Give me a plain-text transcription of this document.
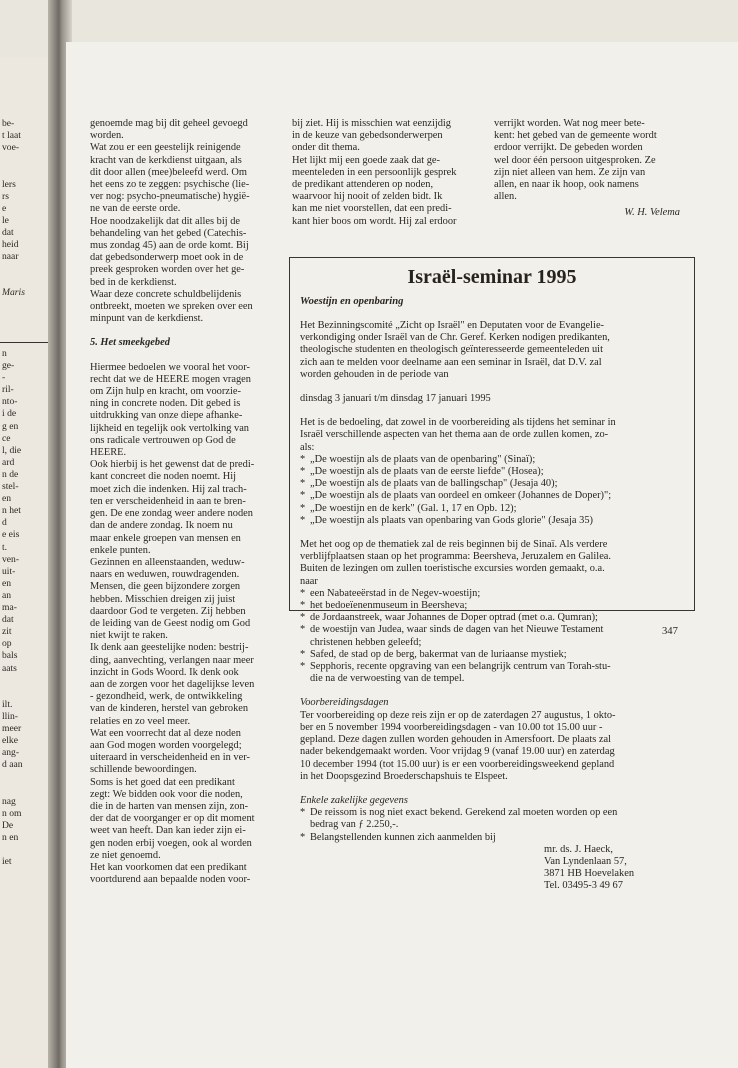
be-
t laat
voe-
lers
rs
e
le
dat
heid
naar
Maris
n
ge-
-
ril-
nto-
i de
g en
ce
l, die
ard
n de
stel-
en
n het
d
e eis
t.
ven-
uit-
en
an
ma-
dat
zit
op
bals
aats
ilt.
llin-
meer
elke
ang-
d aan
nag
n om
De
n en
iet

genoemde mag bij dit geheel gevoegd

worden.

Wat zou er een geestelijk reinigende

kracht van de kerkdienst uitgaan, als

dit door allen (mee)beleefd werd. Om

het eens zo te zeggen: psychische (lie-

ver nog: psycho-pneumatische) hygië-

ne van de eerste orde.

Hoe noodzakelijk dat dit alles bij de

behandeling van het gebed (Catechis-

mus zondag 45) aan de orde komt. Bij

dat gebedsonderwerp moet ook in de

preek gesproken worden over het ge-

bed in de kerkdienst.

Waar deze concrete schuldbelijdenis

ontbreekt, moeten we spreken over een

minpunt van de kerkdienst.

5. Het smeekgebed

Hiermee bedoelen we vooral het voor-

recht dat we de HEERE mogen vragen

om Zijn hulp en kracht, om voorzie-

ning in concrete noden. Dit gebed is

uitdrukking van onze diepe afhanke-

lijkheid en tegelijk ook vertolking van

ons radicale vertrouwen op God de

HEERE.

Ook hierbij is het gewenst dat de predi-

kant concreet die noden noemt. Hij

moet zich die indenken. Hij zal trach-

ten er verscheidenheid in aan te bren-

gen. De ene zondag weer andere noden

dan de andere zondag. Ik noem nu

maar enkele groepen van mensen en

enkele punten.

Gezinnen en alleenstaanden, weduw-

naars en weduwen, rouwdragenden.

Mensen, die geen bijzondere zorgen

hebben. Misschien dreigen zij juist

daardoor God te vergeten. Zij hebben

de leiding van de Geest nodig om God

niet kwijt te raken.

Ik denk aan geestelijke noden: bestrij-

ding, aanvechting, verlangen naar meer

inzicht in Gods Woord. Ik denk ook

aan de zorgen voor het dagelijkse leven

- gezondheid, werk, de ontwikkeling

van de kinderen, herstel van gebroken

relaties en zo veel meer.

Wat een voorrecht dat al deze noden

aan God mogen worden voorgelegd;

uiteraard in verscheidenheid en in ver-

schillende bewoordingen.

Soms is het goed dat een predikant

zegt: We bidden ook voor die noden,

die in de harten van mensen zijn, zon-

der dat de voorganger er op dit moment

weet van heeft. Dan kan ieder zijn ei-

gen noden erbij voegen, ook al worden

ze niet genoemd.

Het kan voorkomen dat een predikant

voortdurend aan bepaalde noden voor-

bij ziet. Hij is misschien wat eenzijdig

in de keuze van gebedsonderwerpen

onder dit thema.

Het lijkt mij een goede zaak dat ge-

meenteleden in een persoonlijk gesprek

de predikant attenderen op noden,

waarvoor hij nooit of zelden bidt. Ik

kan me niet voorstellen, dat een predi-

kant hier boos om wordt. Hij zal erdoor

verrijkt worden. Wat nog meer bete-

kent: het gebed van de gemeente wordt

erdoor verrijkt. De gebeden worden

wel door één persoon uitgesproken. Ze

zijn niet alleen van hem. Ze zijn van

allen, en naar ik hoop, ook namens

allen.

W. H. Velema

Israël-seminar 1995
Woestijn en openbaring

Het Bezinningscomité „Zicht op Israël" en Deputaten voor de Evangelie-

verkondiging onder Israël van de Chr. Geref. Kerken nodigen predikanten,

theologische studenten en theologisch geïnteresseerde gemeenteleden uit

zich aan te melden voor deelname aan een seminar in Israël, dat D.V. zal

worden gehouden in de periode van

dinsdag 3 januari t/m dinsdag 17 januari 1995

Het is de bedoeling, dat zowel in de voorbereiding als tijdens het seminar in

Israël verschillende aspecten van het thema aan de orde zullen komen, zo-

als:

* „De woestijn als de plaats van de openbaring" (Sinaï);
* „De woestijn als de plaats van de eerste liefde" (Hosea);
* „De woestijn als de plaats van de ballingschap" (Jesaja 40);
* „De woestijn als de plaats van oordeel en omkeer (Johannes de Doper)";
* „De woestijn en de kerk" (Gal. 1, 17 en Opb. 12);
* „De woestijn als plaats van openbaring van Gods glorie" (Jesaja 35)

Met het oog op de thematiek zal de reis beginnen bij de Sinaï. Als verdere

verblijfplaatsen staan op het programma: Beersheva, Jeruzalem en Galilea.

Buiten de lezingen om zullen toeristische excursies worden gemaakt, o.a.

naar

* een Nabateeërstad in de Negev-woestijn;
* het bedoeïenenmuseum in Beersheva;
* de Jordaanstreek, waar Johannes de Doper optrad (met o.a. Qumran);
* de woestijn van Judea, waar sinds de dagen van het Nieuwe Testament
christenen hebben geleefd;
* Safed, de stad op de berg, bakermat van de luriaanse mystiek;
* Sepphoris, recente opgraving van een belangrijk centrum van Torah-stu-
die na de verwoesting van de tempel.

Voorbereidingsdagen

Ter voorbereiding op deze reis zijn er op de zaterdagen 27 augustus, 1 okto-

ber en 5 november 1994 voorbereidingsdagen - van 10.00 tot 15.00 uur -

gepland. Deze dagen zullen worden gehouden in Amersfoort. De plaats zal

nader bekendgemaakt worden. Voor vrijdag 9 (vanaf 19.00 uur) en zaterdag

10 december 1994 (tot 15.00 uur) is er een voorbereidingsweekend gepland

in het Doopsgezind Broederschapshuis te Elspeet.

Enkele zakelijke gegevens

* De reissom is nog niet exact bekend. Gerekend zal moeten worden op een
bedrag van ƒ 2.250,-.
* Belangstellenden kunnen zich aanmelden bij

mr. ds. J. Haeck,

Van Lyndenlaan 57,

3871 HB Hoevelaken

Tel. 03495-3 49 67

347
